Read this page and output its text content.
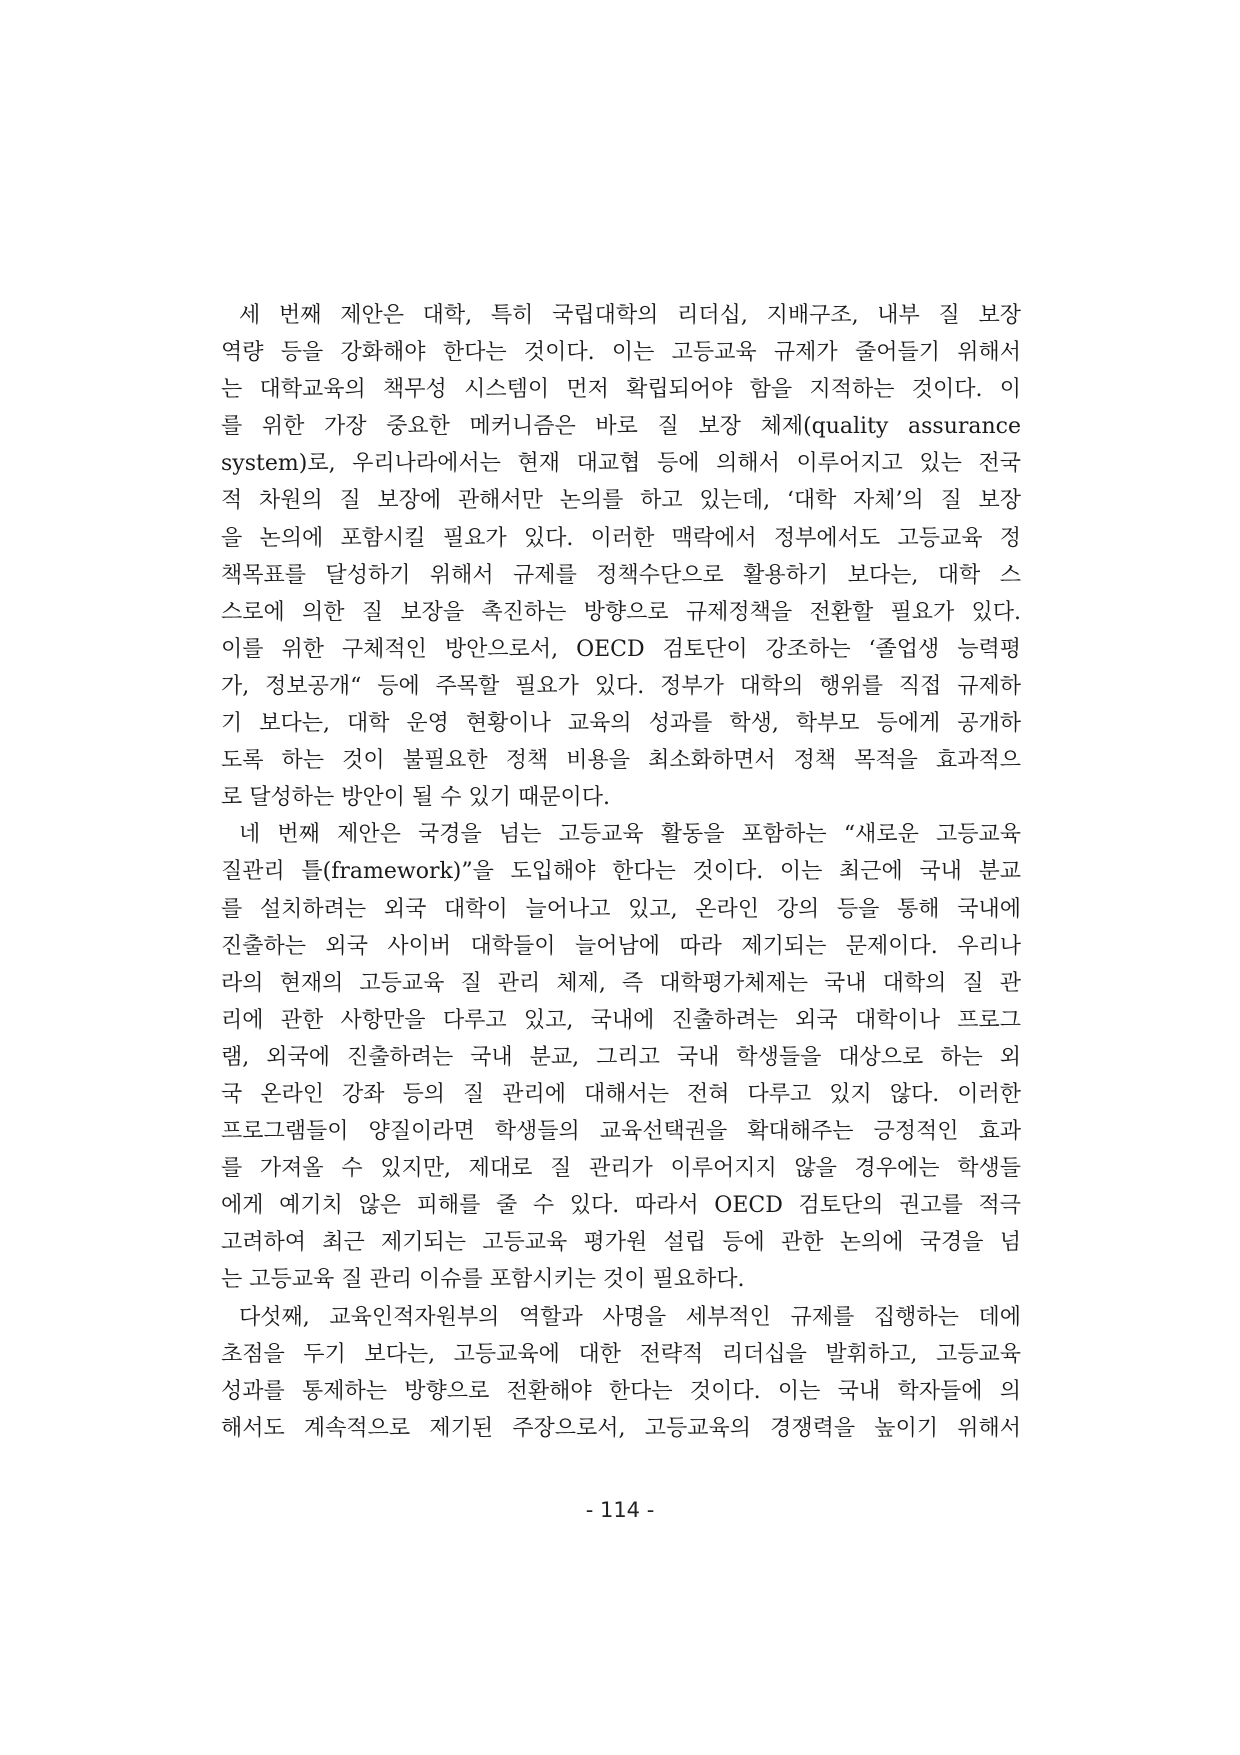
세 번째 제안은 대학, 특히 국립대학의 리더십, 지배구조, 내부 질 보장
역량 등을 강화해야 한다는 것이다. 이는 고등교육 규제가 줄어들기 위해서
는 대학교육의 책무성 시스템이 먼저 확립되어야 함을 지적하는 것이다. 이
를 위한 가장 중요한 메커니즘은 바로 질 보장 체제(quality assurance
system)로, 우리나라에서는 현재 대교협 등에 의해서 이루어지고 있는 전국
적 차원의 질 보장에 관해서만 논의를 하고 있는데, ‘대학 자체’의 질 보장
을 논의에 포함시킬 필요가 있다. 이러한 맥락에서 정부에서도 고등교육 정
책목표를 달성하기 위해서 규제를 정책수단으로 활용하기 보다는, 대학 스
스로에 의한 질 보장을 촉진하는 방향으로 규제정책을 전환할 필요가 있다.
이를 위한 구체적인 방안으로서, OECD 검토단이 강조하는 ‘졸업생 능력평
가, 정보공개“ 등에 주목할 필요가 있다. 정부가 대학의 행위를 직접 규제하
기 보다는, 대학 운영 현황이나 교육의 성과를 학생, 학부모 등에게 공개하
도록 하는 것이 불필요한 정책 비용을 최소화하면서 정책 목적을 효과적으
로 달성하는 방안이 될 수 있기 때문이다.
네 번째 제안은 국경을 넘는 고등교육 활동을 포함하는 “새로운 고등교육
질관리 틀(framework)”을 도입해야 한다는 것이다. 이는 최근에 국내 분교
를 설치하려는 외국 대학이 늘어나고 있고, 온라인 강의 등을 통해 국내에
진출하는 외국 사이버 대학들이 늘어남에 따라 제기되는 문제이다. 우리나
라의 현재의 고등교육 질 관리 체제, 즉 대학평가체제는 국내 대학의 질 관
리에 관한 사항만을 다루고 있고, 국내에 진출하려는 외국 대학이나 프로그
램, 외국에 진출하려는 국내 분교, 그리고 국내 학생들을 대상으로 하는 외
국 온라인 강좌 등의 질 관리에 대해서는 전혀 다루고 있지 않다. 이러한
프로그램들이 양질이라면 학생들의 교육선택권을 확대해주는 긍정적인 효과
를 가져올 수 있지만, 제대로 질 관리가 이루어지지 않을 경우에는 학생들
에게 예기치 않은 피해를 줄 수 있다. 따라서 OECD 검토단의 권고를 적극
고려하여 최근 제기되는 고등교육 평가원 설립 등에 관한 논의에 국경을 넘
는 고등교육 질 관리 이슈를 포함시키는 것이 필요하다.
다섯째, 교육인적자원부의 역할과 사명을 세부적인 규제를 집행하는 데에
초점을 두기 보다는, 고등교육에 대한 전략적 리더십을 발휘하고, 고등교육
성과를 통제하는 방향으로 전환해야 한다는 것이다. 이는 국내 학자들에 의
해서도 계속적으로 제기된 주장으로서, 고등교육의 경쟁력을 높이기 위해서
- 114 -
